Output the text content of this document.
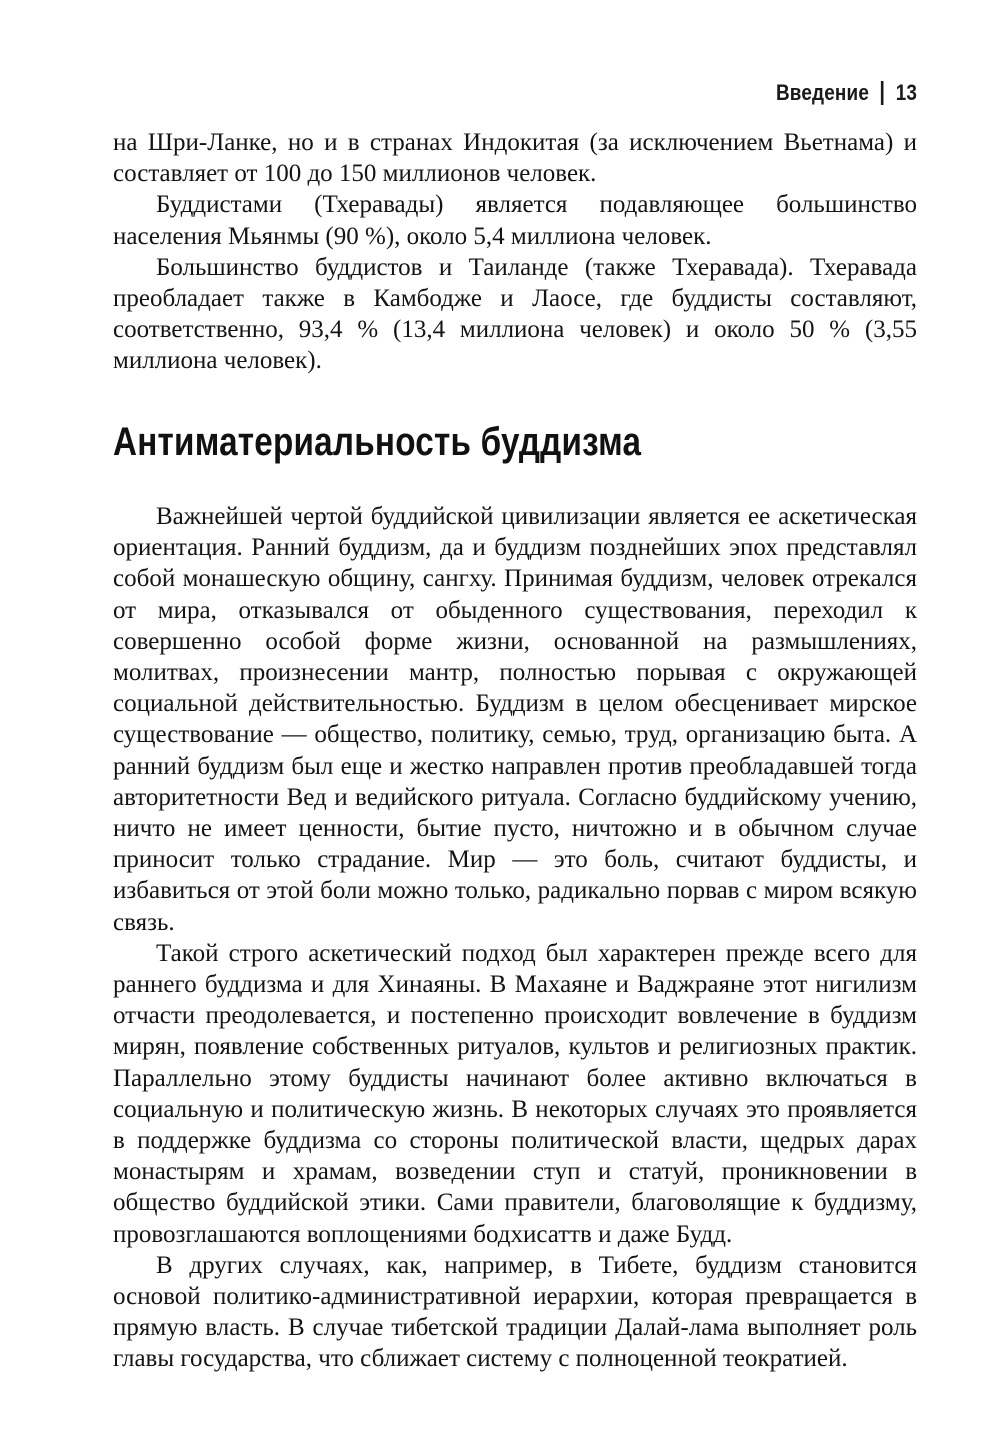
Введение 13

на Шри-Ланке, но и в странах Индокитая (за исключением Вьетнама) и составляет от 100 до 150 миллионов человек.

Буддистами (Тхеравады) является подавляющее большинство населения Мьянмы (90 %), около 5,4 миллиона человек.

Большинство буддистов и Таиланде (также Тхеравада). Тхеравада преобладает также в Камбодже и Лаосе, где буддисты составляют, соответственно, 93,4 % (13,4 миллиона человек) и около 50 % (3,55 миллиона человек).

Антиматериальность буддизма

Важнейшей чертой буддийской цивилизации является ее аскетическая ориентация. Ранний буддизм, да и буддизм позднейших эпох представлял собой монашескую общину, сангху. Принимая буддизм, человек отрекался от мира, отказывался от обыденного существования, переходил к совершенно особой форме жизни, основанной на размышлениях, молитвах, произнесении мантр, полностью порывая с окружающей социальной действительностью. Буддизм в целом обесценивает мирское существование — общество, политику, семью, труд, организацию быта. А ранний буддизм был еще и жестко направлен против преобладавшей тогда авторитетности Вед и ведийского ритуала. Согласно буддийскому учению, ничто не имеет ценности, бытие пусто, ничтожно и в обычном случае приносит только страдание. Мир — это боль, считают буддисты, и избавиться от этой боли можно только, радикально порвав с миром всякую связь.

Такой строго аскетический подход был характерен прежде всего для раннего буддизма и для Хинаяны. В Махаяне и Ваджраяне этот нигилизм отчасти преодолевается, и постепенно происходит вовлечение в буддизм мирян, появление собственных ритуалов, культов и религиозных практик. Параллельно этому буддисты начинают более активно включаться в социальную и политическую жизнь. В некоторых случаях это проявляется в поддержке буддизма со стороны политической власти, щедрых дарах монастырям и храмам, возведении ступ и статуй, проникновении в общество буддийской этики. Сами правители, благоволящие к буддизму, провозглашаются воплощениями бодхисаттв и даже Будд.

В других случаях, как, например, в Тибете, буддизм становится основой политико-административной иерархии, которая превращается в прямую власть. В случае тибетской традиции Далай-лама выполняет роль главы государства, что сближает систему с полноценной теократией.
